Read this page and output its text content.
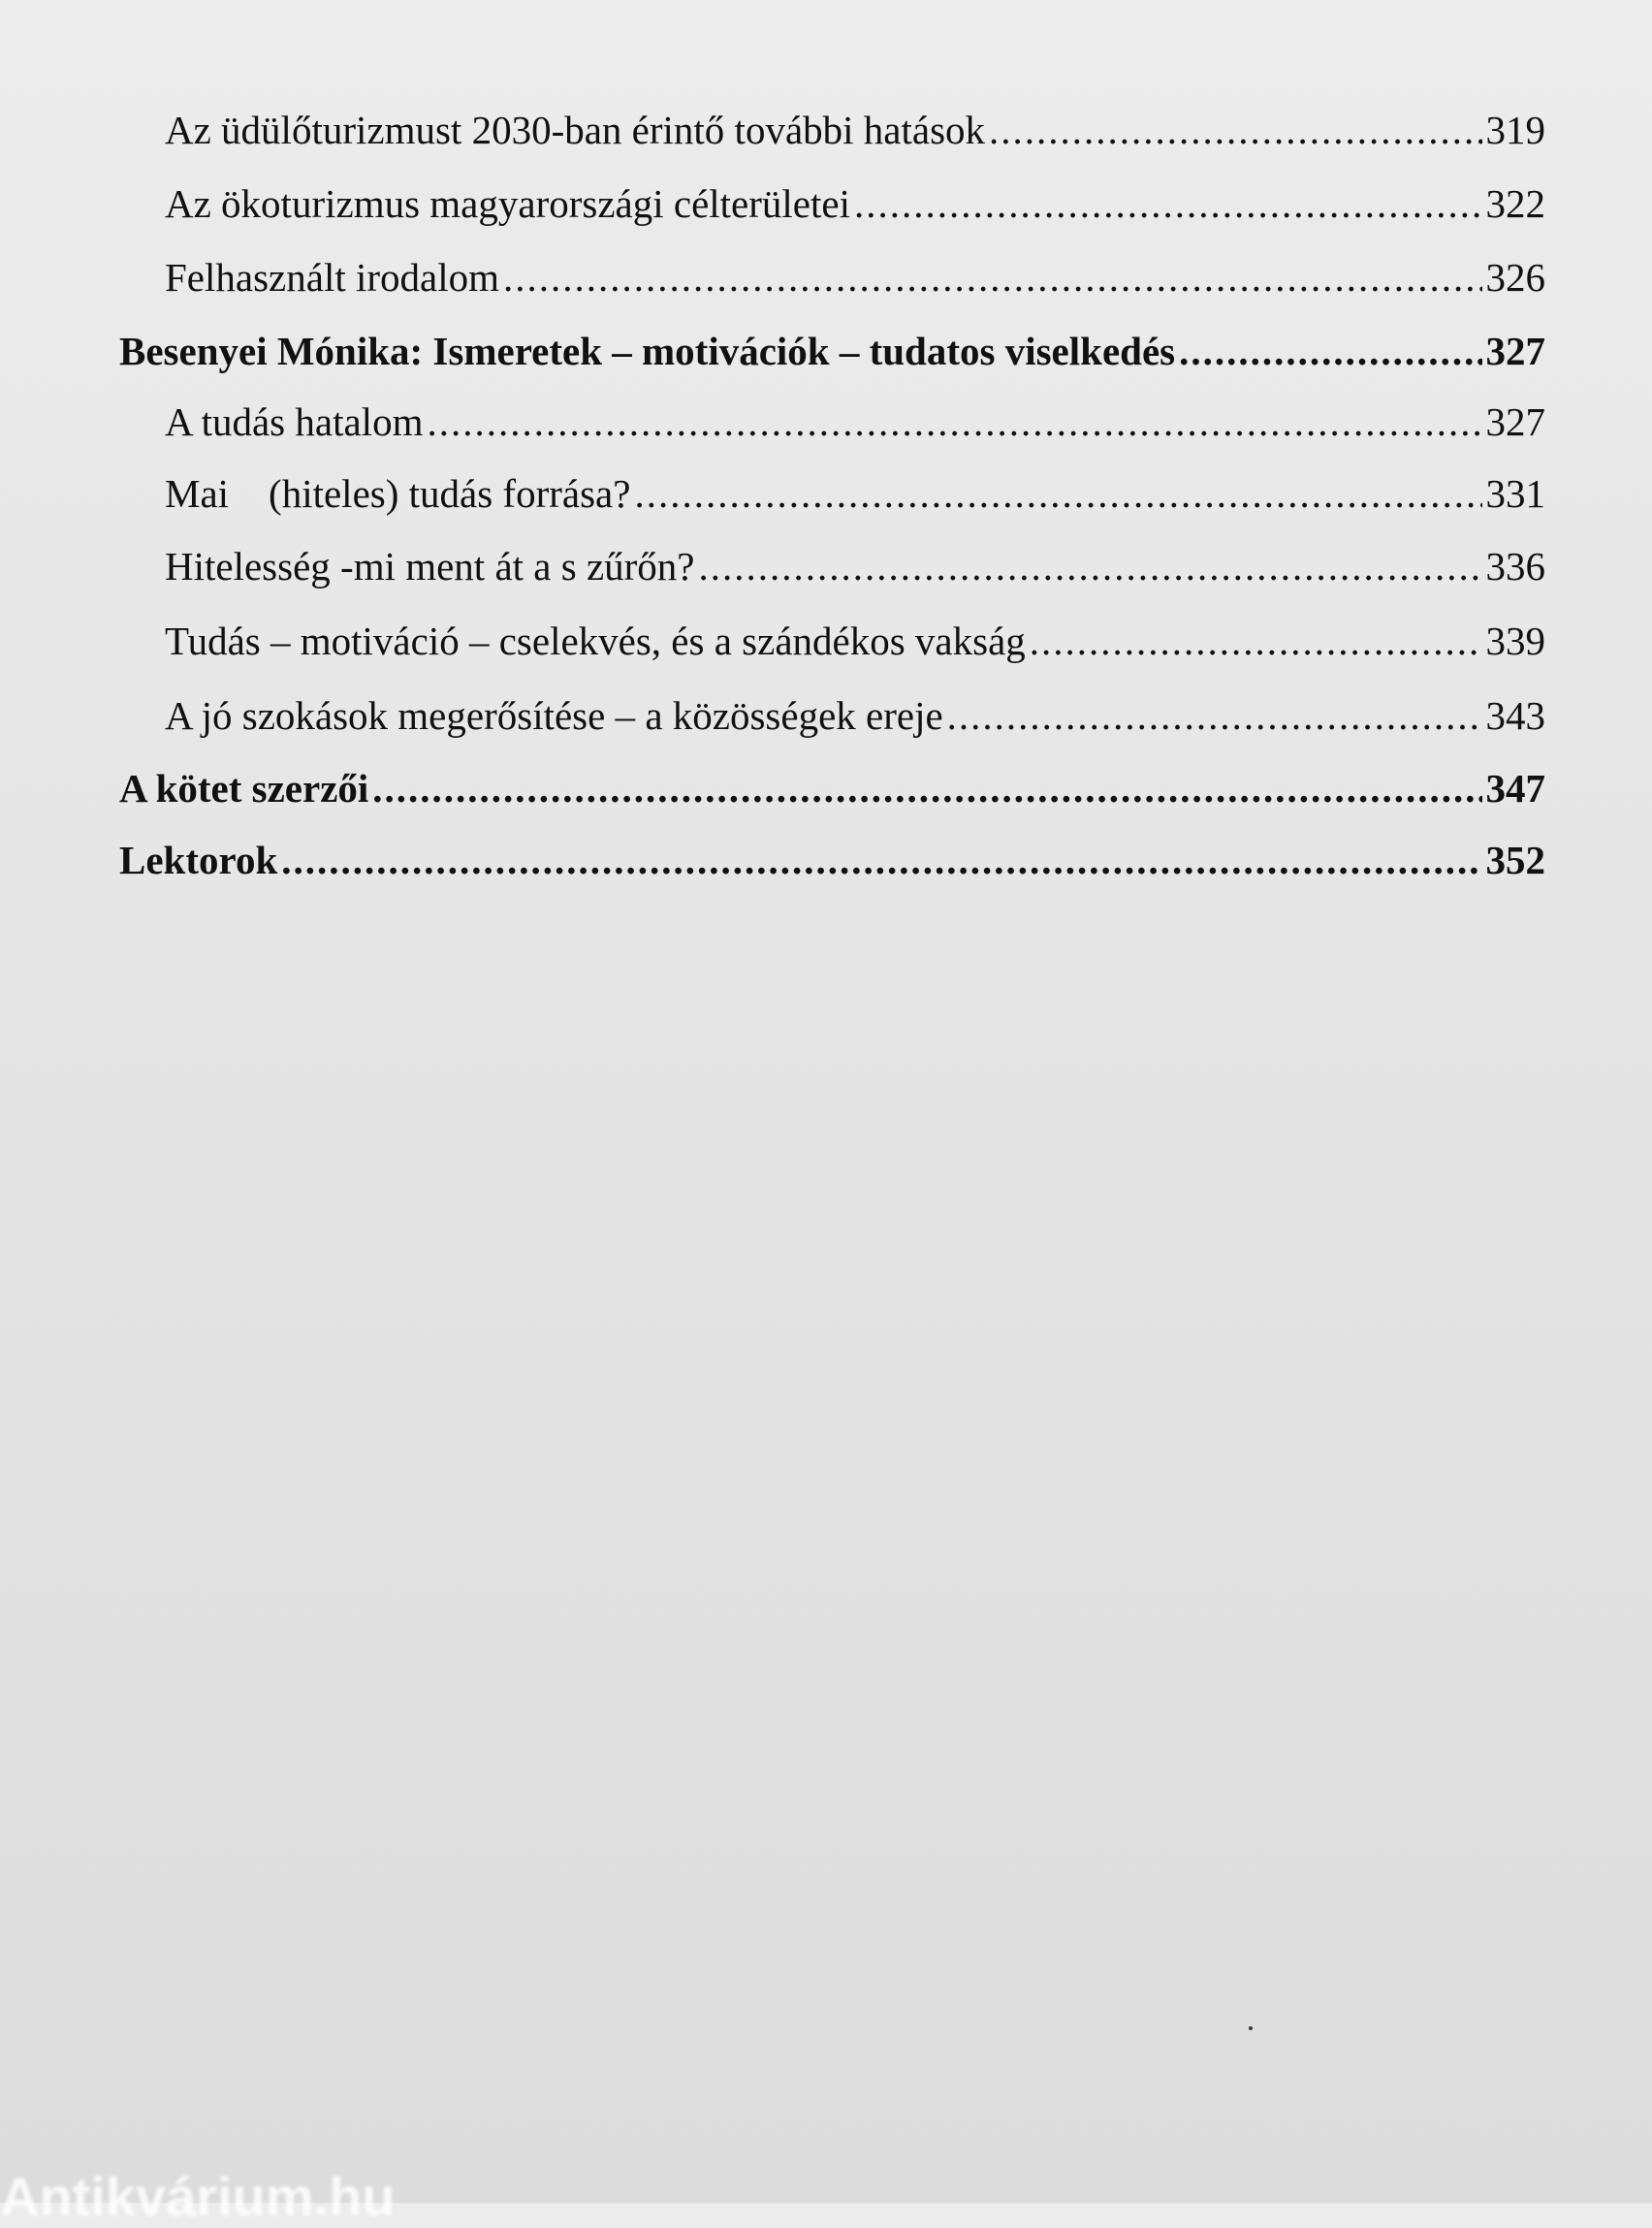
Az üdülőturizmust 2030-ban érintő további hatások .....	319
Az ökoturizmus magyarországi célterületei .....	322
Felhasznált irodalom .....	326
Besenyei Mónika: Ismeretek – motivációk – tudatos viselkedés .....	327
A tudás hatalom .....	327
Mai    (hiteles) tudás forrása? .....	331
Hitelesség -mi ment át a s zűrőn? .....	336
Tudás – motiváció – cselekvés, és a szándékos vakság .....	339
A jó szokások megerősítése – a közösségek ereje .....	343
A kötet szerzői .....	347
Lektorok .....	352
Antikvárium.hu
